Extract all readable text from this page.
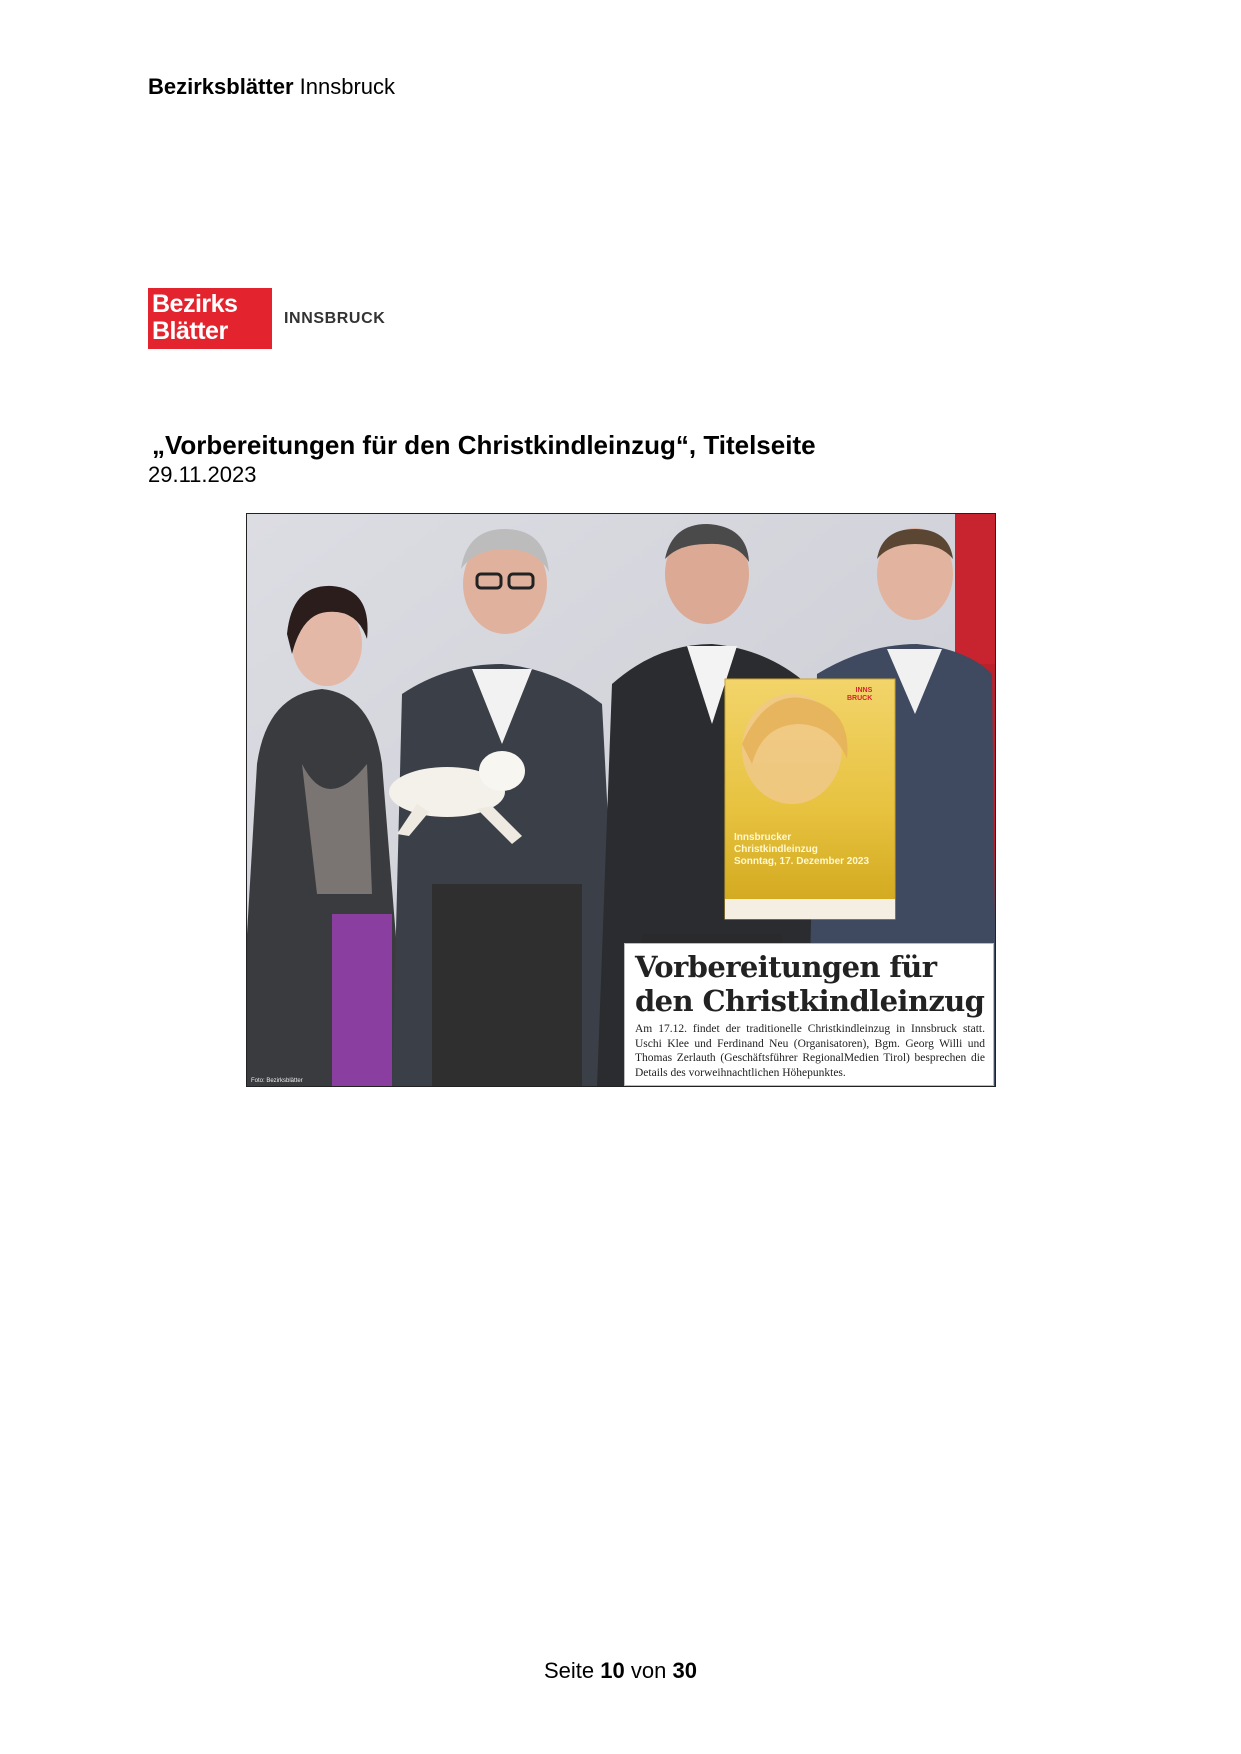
Bezirksblätter Innsbruck
Bezirks
Blätter	INNSBRUCK
„Vorbereitungen für den Christkindleinzug“, Titelseite
29.11.2023
INNS
BRUCK
Innsbrucker
Christkindleinzug
Sonntag, 17. Dezember 2023
Vorbereitungen für
den Christkindleinzug
Am 17.12. findet der traditionelle Christkindleinzug in Innsbruck statt. Uschi Klee und Ferdinand Neu (Organisatoren), Bgm. Georg Willi und Thomas Zerlauth (Geschäftsführer RegionalMedien Tirol) besprechen die Details des vorweihnachtlichen Höhepunktes.
Foto: Bezirksblätter
Seite 10 von 30
